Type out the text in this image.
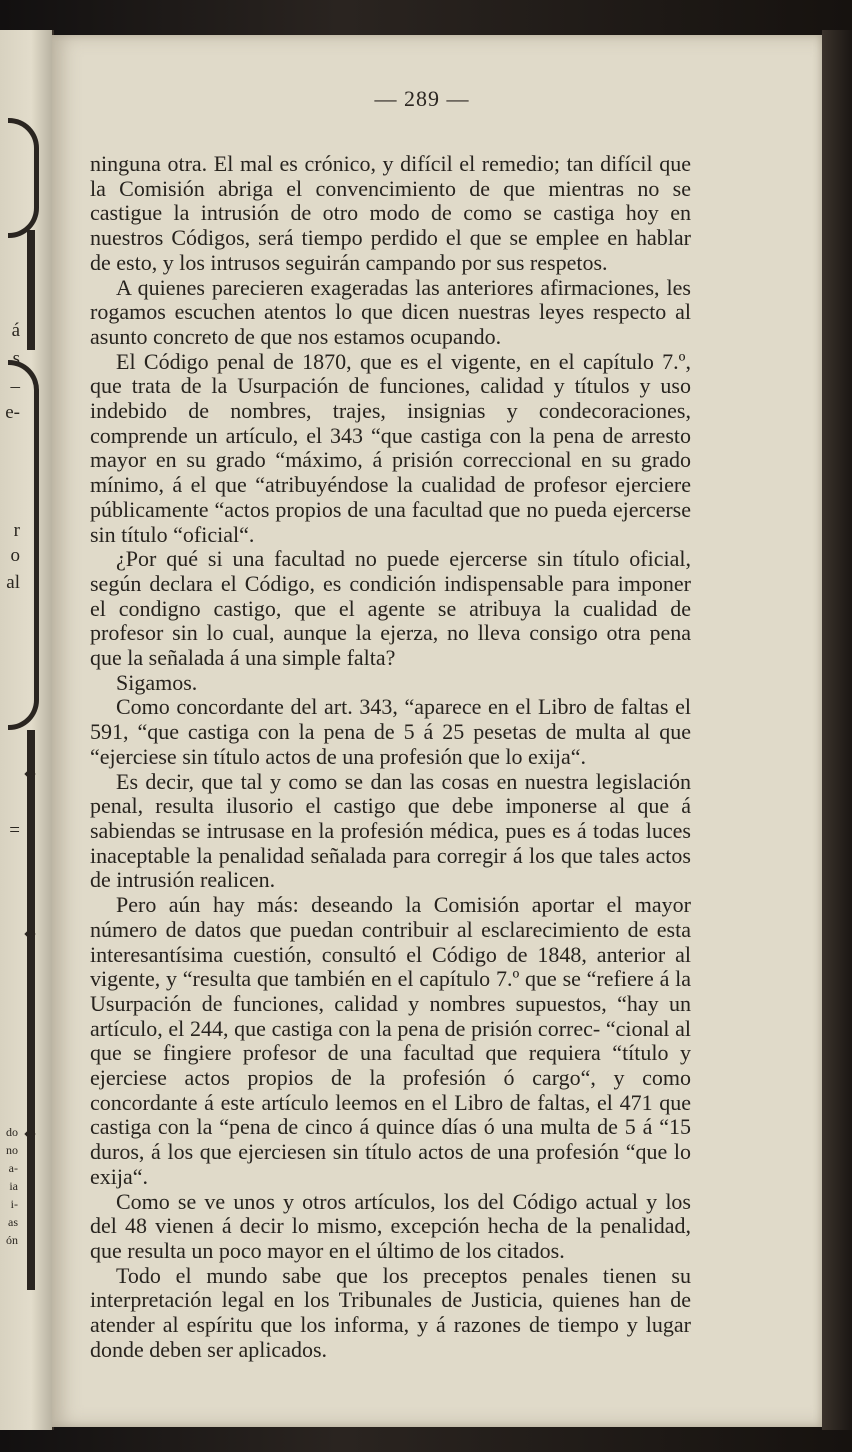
á
s
–
e-
r
o
al
=
do
no
a-
ia
i-
as
ón
— 289 —

ninguna otra. El mal es crónico, y difícil el remedio; tan difícil que la Comisión abriga el convencimiento de que mientras no se castigue la intrusión de otro modo de como se castiga hoy en nuestros Códigos, será tiempo perdido el que se emplee en hablar de esto, y los intrusos seguirán campando por sus respetos.

A quienes parecieren exageradas las anteriores afirmaciones, les rogamos escuchen atentos lo que dicen nuestras leyes respecto al asunto concreto de que nos estamos ocupando.

El Código penal de 1870, que es el vigente, en el capítulo 7.º, que trata de la Usurpación de funciones, calidad y títulos y uso indebido de nombres, trajes, insignias y condecoraciones, comprende un artículo, el 343 “que castiga con la pena de arresto mayor en su grado “máximo, á prisión correccional en su grado mínimo, á el que “atribuyéndose la cualidad de profesor ejerciere públicamente “actos propios de una facultad que no pueda ejercerse sin título “oficial“.

¿Por qué si una facultad no puede ejercerse sin título oficial, según declara el Código, es condición indispensable para imponer el condigno castigo, que el agente se atribuya la cualidad de profesor sin lo cual, aunque la ejerza, no lleva consigo otra pena que la señalada á una simple falta?

Sigamos.

Como concordante del art. 343, “aparece en el Libro de faltas el 591, “que castiga con la pena de 5 á 25 pesetas de multa al que “ejerciese sin título actos de una profesión que lo exija“.

Es decir, que tal y como se dan las cosas en nuestra legislación penal, resulta ilusorio el castigo que debe imponerse al que á sabiendas se intrusase en la profesión médica, pues es á todas luces inaceptable la penalidad señalada para corregir á los que tales actos de intrusión realicen.

Pero aún hay más: deseando la Comisión aportar el mayor número de datos que puedan contribuir al esclarecimiento de esta interesantísima cuestión, consultó el Código de 1848, anterior al vigente, y “resulta que también en el capítulo 7.º que se “refiere á la Usurpación de funciones, calidad y nombres supuestos, “hay un artículo, el 244, que castiga con la pena de prisión correc- “cional al que se fingiere profesor de una facultad que requiera “título y ejerciese actos propios de la profesión ó cargo“, y como concordante á este artículo leemos en el Libro de faltas, el 471 que castiga con la “pena de cinco á quince días ó una multa de 5 á “15 duros, á los que ejerciesen sin título actos de una profesión “que lo exija“.

Como se ve unos y otros artículos, los del Código actual y los del 48 vienen á decir lo mismo, excepción hecha de la penalidad, que resulta un poco mayor en el último de los citados.

Todo el mundo sabe que los preceptos penales tienen su interpretación legal en los Tribunales de Justicia, quienes han de atender al espíritu que los informa, y á razones de tiempo y lugar donde deben ser aplicados.
